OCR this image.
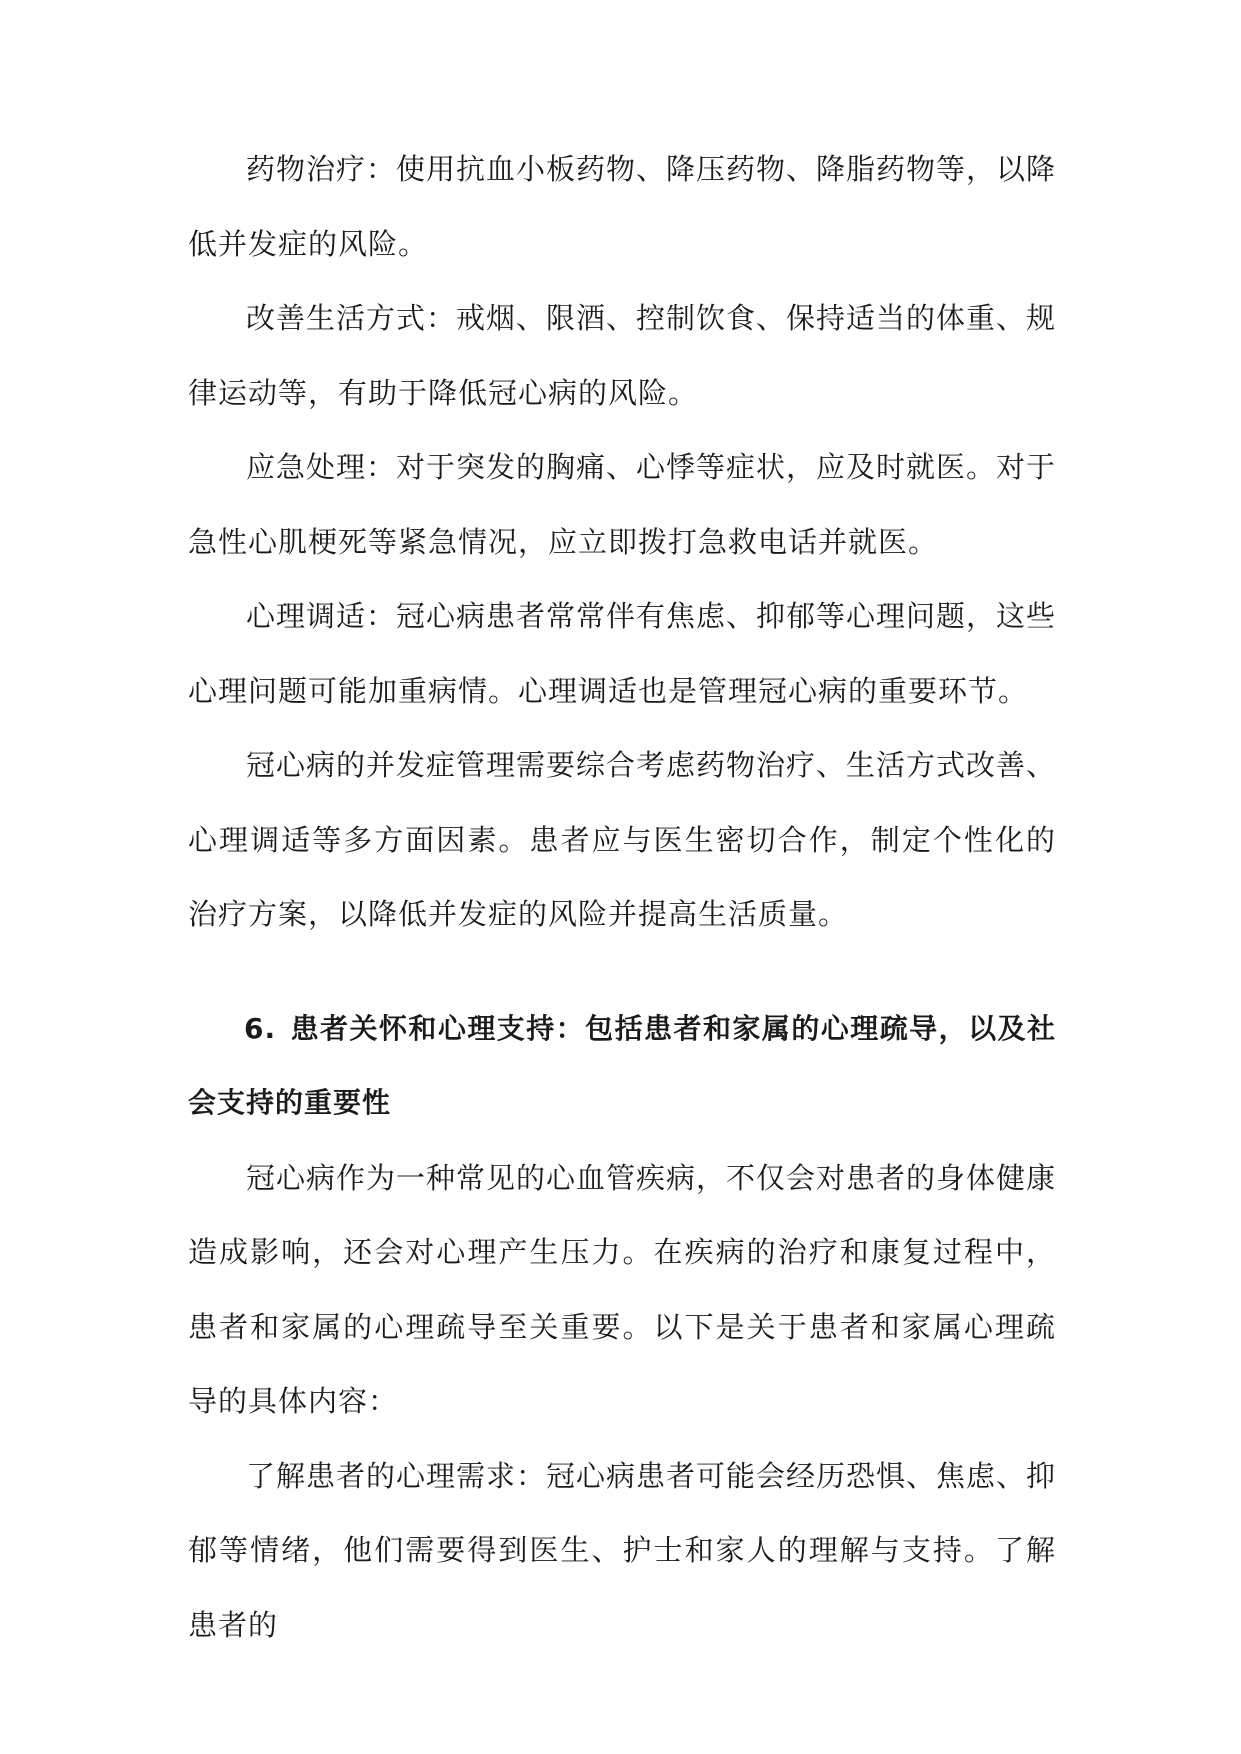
药物治疗：使用抗血小板药物、降压药物、降脂药物等，以降低并发症的风险。

改善生活方式：戒烟、限酒、控制饮食、保持适当的体重、规律运动等，有助于降低冠心病的风险。

应急处理：对于突发的胸痛、心悸等症状，应及时就医。对于急性心肌梗死等紧急情况，应立即拨打急救电话并就医。

心理调适：冠心病患者常常伴有焦虑、抑郁等心理问题，这些心理问题可能加重病情。心理调适也是管理冠心病的重要环节。

冠心病的并发症管理需要综合考虑药物治疗、生活方式改善、心理调适等多方面因素。患者应与医生密切合作，制定个性化的治疗方案，以降低并发症的风险并提高生活质量。

6. 患者关怀和心理支持：包括患者和家属的心理疏导，以及社会支持的重要性

冠心病作为一种常见的心血管疾病，不仅会对患者的身体健康造成影响，还会对心理产生压力。在疾病的治疗和康复过程中，患者和家属的心理疏导至关重要。以下是关于患者和家属心理疏导的具体内容：

了解患者的心理需求：冠心病患者可能会经历恐惧、焦虑、抑郁等情绪，他们需要得到医生、护士和家人的理解与支持。了解患者的
